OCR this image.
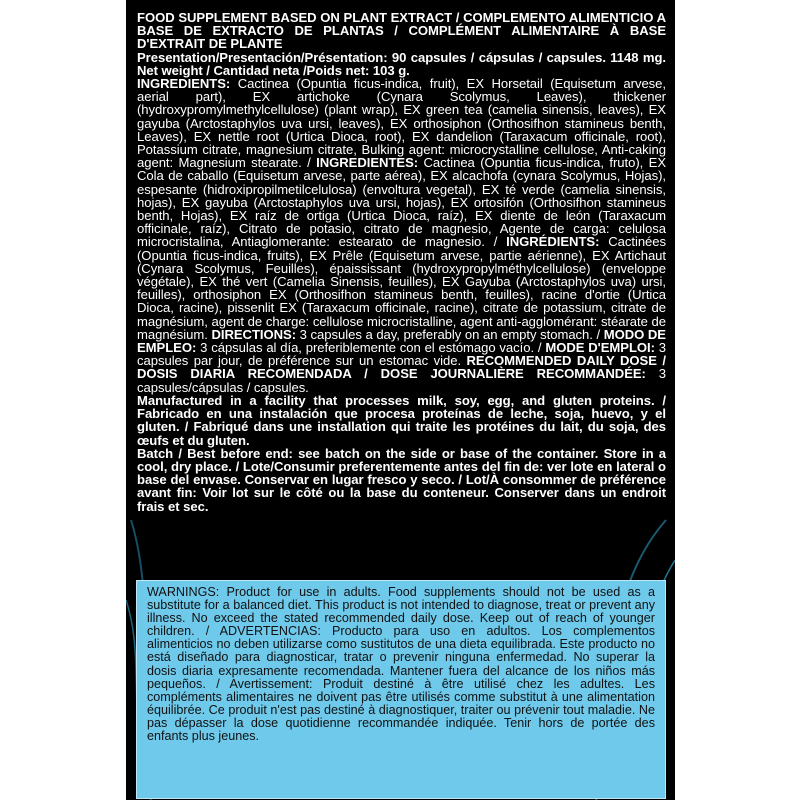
FOOD SUPPLEMENT BASED ON PLANT EXTRACT / COMPLEMENTO ALIMENTICIO A BASE DE EXTRACTO DE PLANTAS / COMPLÉMENT ALIMENTAIRE À BASE D'EXTRAIT DE PLANTE

Presentation/Presentación/Présentation: 90 capsules / cápsulas / capsules. 1148 mg. Net weight / Cantidad neta /Poids net: 103 g.

INGREDIENTS: Cactinea (Opuntia ficus-indica, fruit), EX Horsetail (Equisetum arvese, aerial part), EX artichoke (Cynara Scolymus, Leaves), thickener (hydroxypromylmethylcellulose) (plant wrap), EX green tea (camelia sinensis, leaves), EX gayuba (Arctostaphylos uva ursi, leaves), EX orthosiphon (Orthosifhon stamineus benth, Leaves), EX nettle root (Urtica Dioca, root), EX dandelion (Taraxacum officinale, root), Potassium citrate, magnesium citrate, Bulking agent: microcrystalline cellulose, Anti-caking agent: Magnesium stearate. / INGREDIENTES: Cactinea (Opuntia ficus-indica, fruto), EX Cola de caballo (Equisetum arvese, parte aérea), EX alcachofa (cynara Scolymus, Hojas), espesante (hidroxipropilmetilcelulosa) (envoltura vegetal), EX té verde (camelia sinensis, hojas), EX gayuba (Arctostaphylos uva ursi, hojas), EX ortosifón (Orthosifhon stamineus benth, Hojas), EX raíz de ortiga (Urtica Dioca, raíz), EX diente de león (Taraxacum officinale, raíz), Citrato de potasio, citrato de magnesio, Agente de carga: celulosa microcristalina, Antiaglomerante: estearato de magnesio. / INGRÉDIENTS: Cactinées (Opuntia ficus-indica, fruits), EX Prêle (Equisetum arvese, partie aérienne), EX Artichaut (Cynara Scolymus, Feuilles), épaississant (hydroxypropylméthylcellulose) (enveloppe végétale), EX thé vert (Camelia Sinensis, feuilles), EX Gayuba (Arctostaphylos uva) ursi, feuilles), orthosiphon EX (Orthosifhon stamineus benth, feuilles), racine d'ortie (Urtica Dioca, racine), pissenlit EX (Taraxacum officinale, racine), citrate de potassium, citrate de magnésium, agent de charge: cellulose microcristalline, agent anti-agglomérant: stéarate de magnésium. DIRECTIONS: 3 capsules a day, preferably on an empty stomach. / MODO DE EMPLEO: 3 cápsulas al día, preferiblemente con el estómago vacío. / MODE D'EMPLOI: 3 capsules par jour, de préférence sur un estomac vide. RECOMMENDED DAILY DOSE / DOSIS DIARIA RECOMENDADA / DOSE JOURNALIÈRE RECOMMANDÉE: 3 capsules/cápsulas / capsules.

Manufactured in a facility that processes milk, soy, egg, and gluten proteins. / Fabricado en una instalación que procesa proteínas de leche, soja, huevo, y el gluten. / Fabriqué dans une installation qui traite les protéines du lait, du soja, des œufs et du gluten.

Batch / Best before end: see batch on the side or base of the container. Store in a cool, dry place. / Lote/Consumir preferentemente antes del fin de: ver lote en lateral o base del envase. Conservar en lugar fresco y seco. / Lot/À consommer de préférence avant fin: Voir lot sur le côté ou la base du conteneur. Conserver dans un endroit frais et sec.

WARNINGS: Product for use in adults. Food supplements should not be used as a substitute for a balanced diet. This product is not intended to diagnose, treat or prevent any illness. No exceed the stated recommended daily dose. Keep out of reach of younger children. / ADVERTENCIAS: Producto para uso en adultos. Los complementos alimenticios no deben utilizarse como sustitutos de una dieta equilibrada. Este producto no está diseñado para diagnosticar, tratar o prevenir ninguna enfermedad. No superar la dosis diaria expresamente recomendada. Mantener fuera del alcance de los niños más pequeños. / Avertissement: Produit destiné à être utilisé chez les adultes. Les compléments alimentaires ne doivent pas être utilisés comme substitut à une alimentation équilibrée. Ce produit n'est pas destiné à diagnostiquer, traiter ou prévenir tout maladie. Ne pas dépasser la dose quotidienne recommandée indiquée. Tenir hors de portée des enfants plus jeunes.
